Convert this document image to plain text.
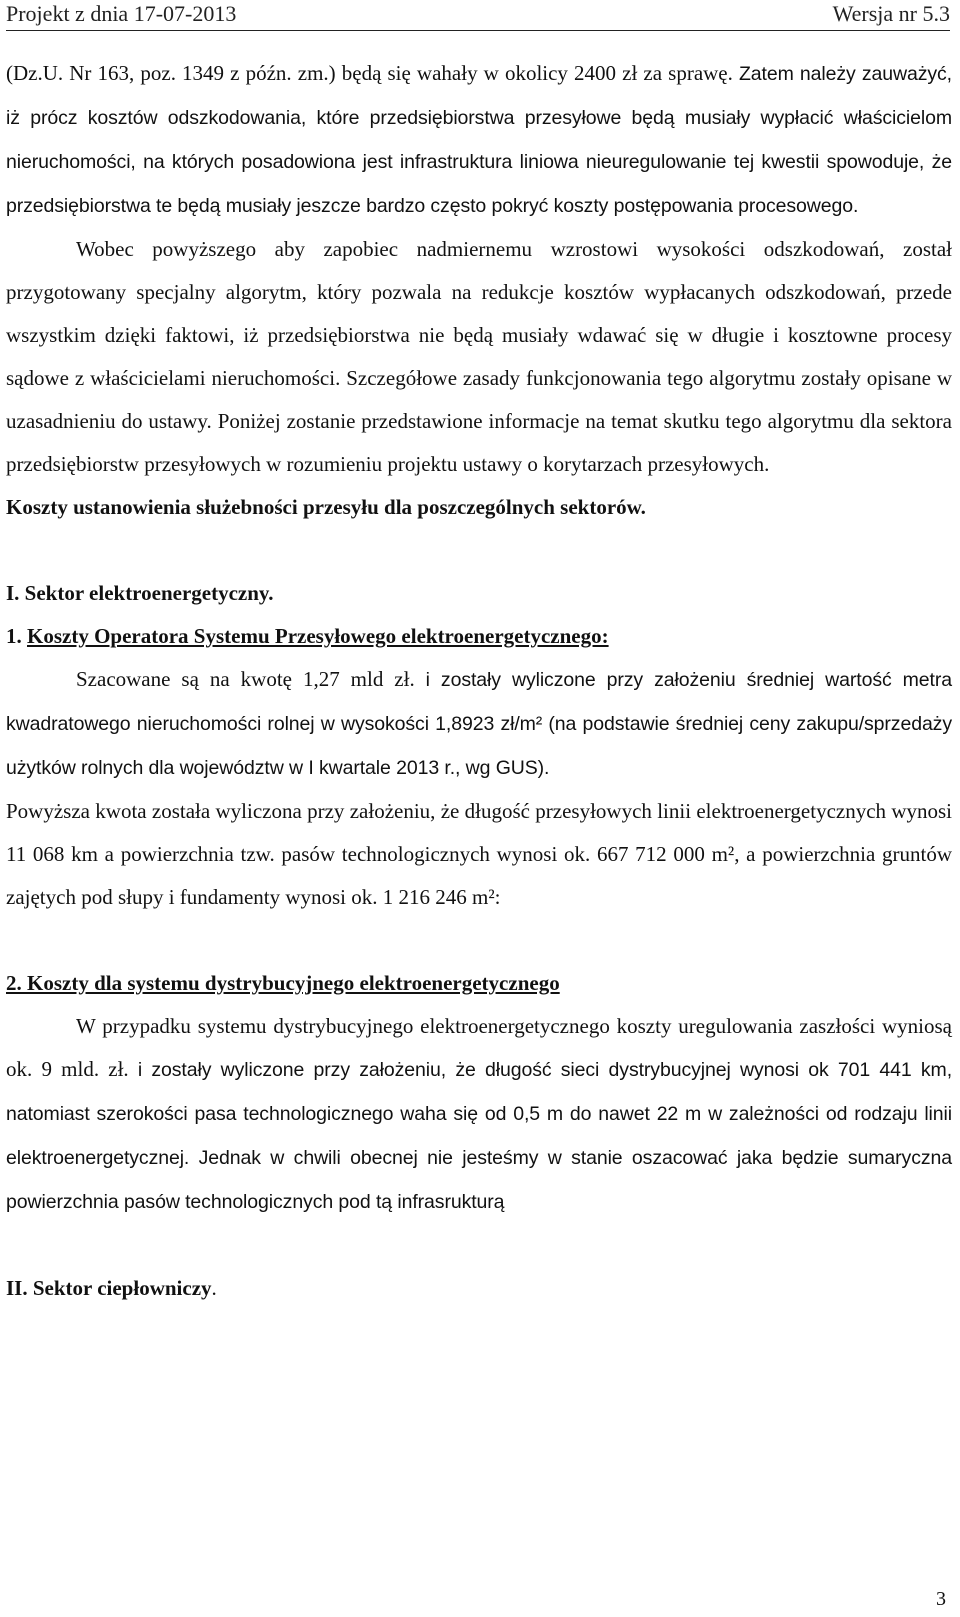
Projekt z dnia 17-07-2013	Wersja nr 5.3

(Dz.U. Nr 163, poz. 1349 z późn. zm.) będą się wahały w okolicy 2400 zł za sprawę. Zatem należy zauważyć, iż prócz kosztów odszkodowania, które przedsiębiorstwa przesyłowe będą musiały wypłacić właścicielom nieruchomości, na których posadowiona jest infrastruktura liniowa nieuregulowanie tej kwestii spowoduje, że przedsiębiorstwa te będą musiały jeszcze bardzo często pokryć koszty postępowania procesowego.

Wobec powyższego aby zapobiec nadmiernemu wzrostowi wysokości odszkodowań, został przygotowany specjalny algorytm, który pozwala na redukcje kosztów wypłacanych odszkodowań, przede wszystkim dzięki faktowi, iż przedsiębiorstwa nie będą musiały wdawać się w długie i kosztowne procesy sądowe z właścicielami nieruchomości. Szczegółowe zasady funkcjonowania tego algorytmu zostały opisane w uzasadnieniu do ustawy. Poniżej zostanie przedstawione informacje na temat skutku tego algorytmu dla sektora przedsiębiorstw przesyłowych w rozumieniu projektu ustawy o korytarzach przesyłowych.

Koszty ustanowienia służebności przesyłu dla poszczególnych sektorów.

I. Sektor elektroenergetyczny.

1. Koszty Operatora Systemu Przesyłowego elektroenergetycznego:

Szacowane są na kwotę 1,27 mld zł. i zostały wyliczone przy założeniu średniej wartość metra kwadratowego nieruchomości rolnej w wysokości 1,8923 zł/m² (na podstawie średniej ceny zakupu/sprzedaży użytków rolnych dla województw w I kwartale 2013 r., wg GUS).

Powyższa kwota została wyliczona przy założeniu, że długość przesyłowych linii elektroenergetycznych wynosi 11 068 km a powierzchnia tzw. pasów technologicznych wynosi ok. 667 712 000 m², a powierzchnia gruntów zajętych pod słupy i fundamenty wynosi ok. 1 216 246 m²:

2. Koszty dla systemu dystrybucyjnego elektroenergetycznego

W przypadku systemu dystrybucyjnego elektroenergetycznego koszty uregulowania zaszłości wyniosą ok. 9 mld. zł. i zostały wyliczone przy założeniu, że długość sieci dystrybucyjnej wynosi ok 701 441 km, natomiast szerokości pasa technologicznego waha się od 0,5 m do nawet 22 m w zależności od rodzaju linii elektroenergetycznej. Jednak w chwili obecnej nie jesteśmy w stanie oszacować jaka będzie sumaryczna powierzchnia pasów technologicznych pod tą infrasrukturą

II. Sektor ciepłowniczy.

3
